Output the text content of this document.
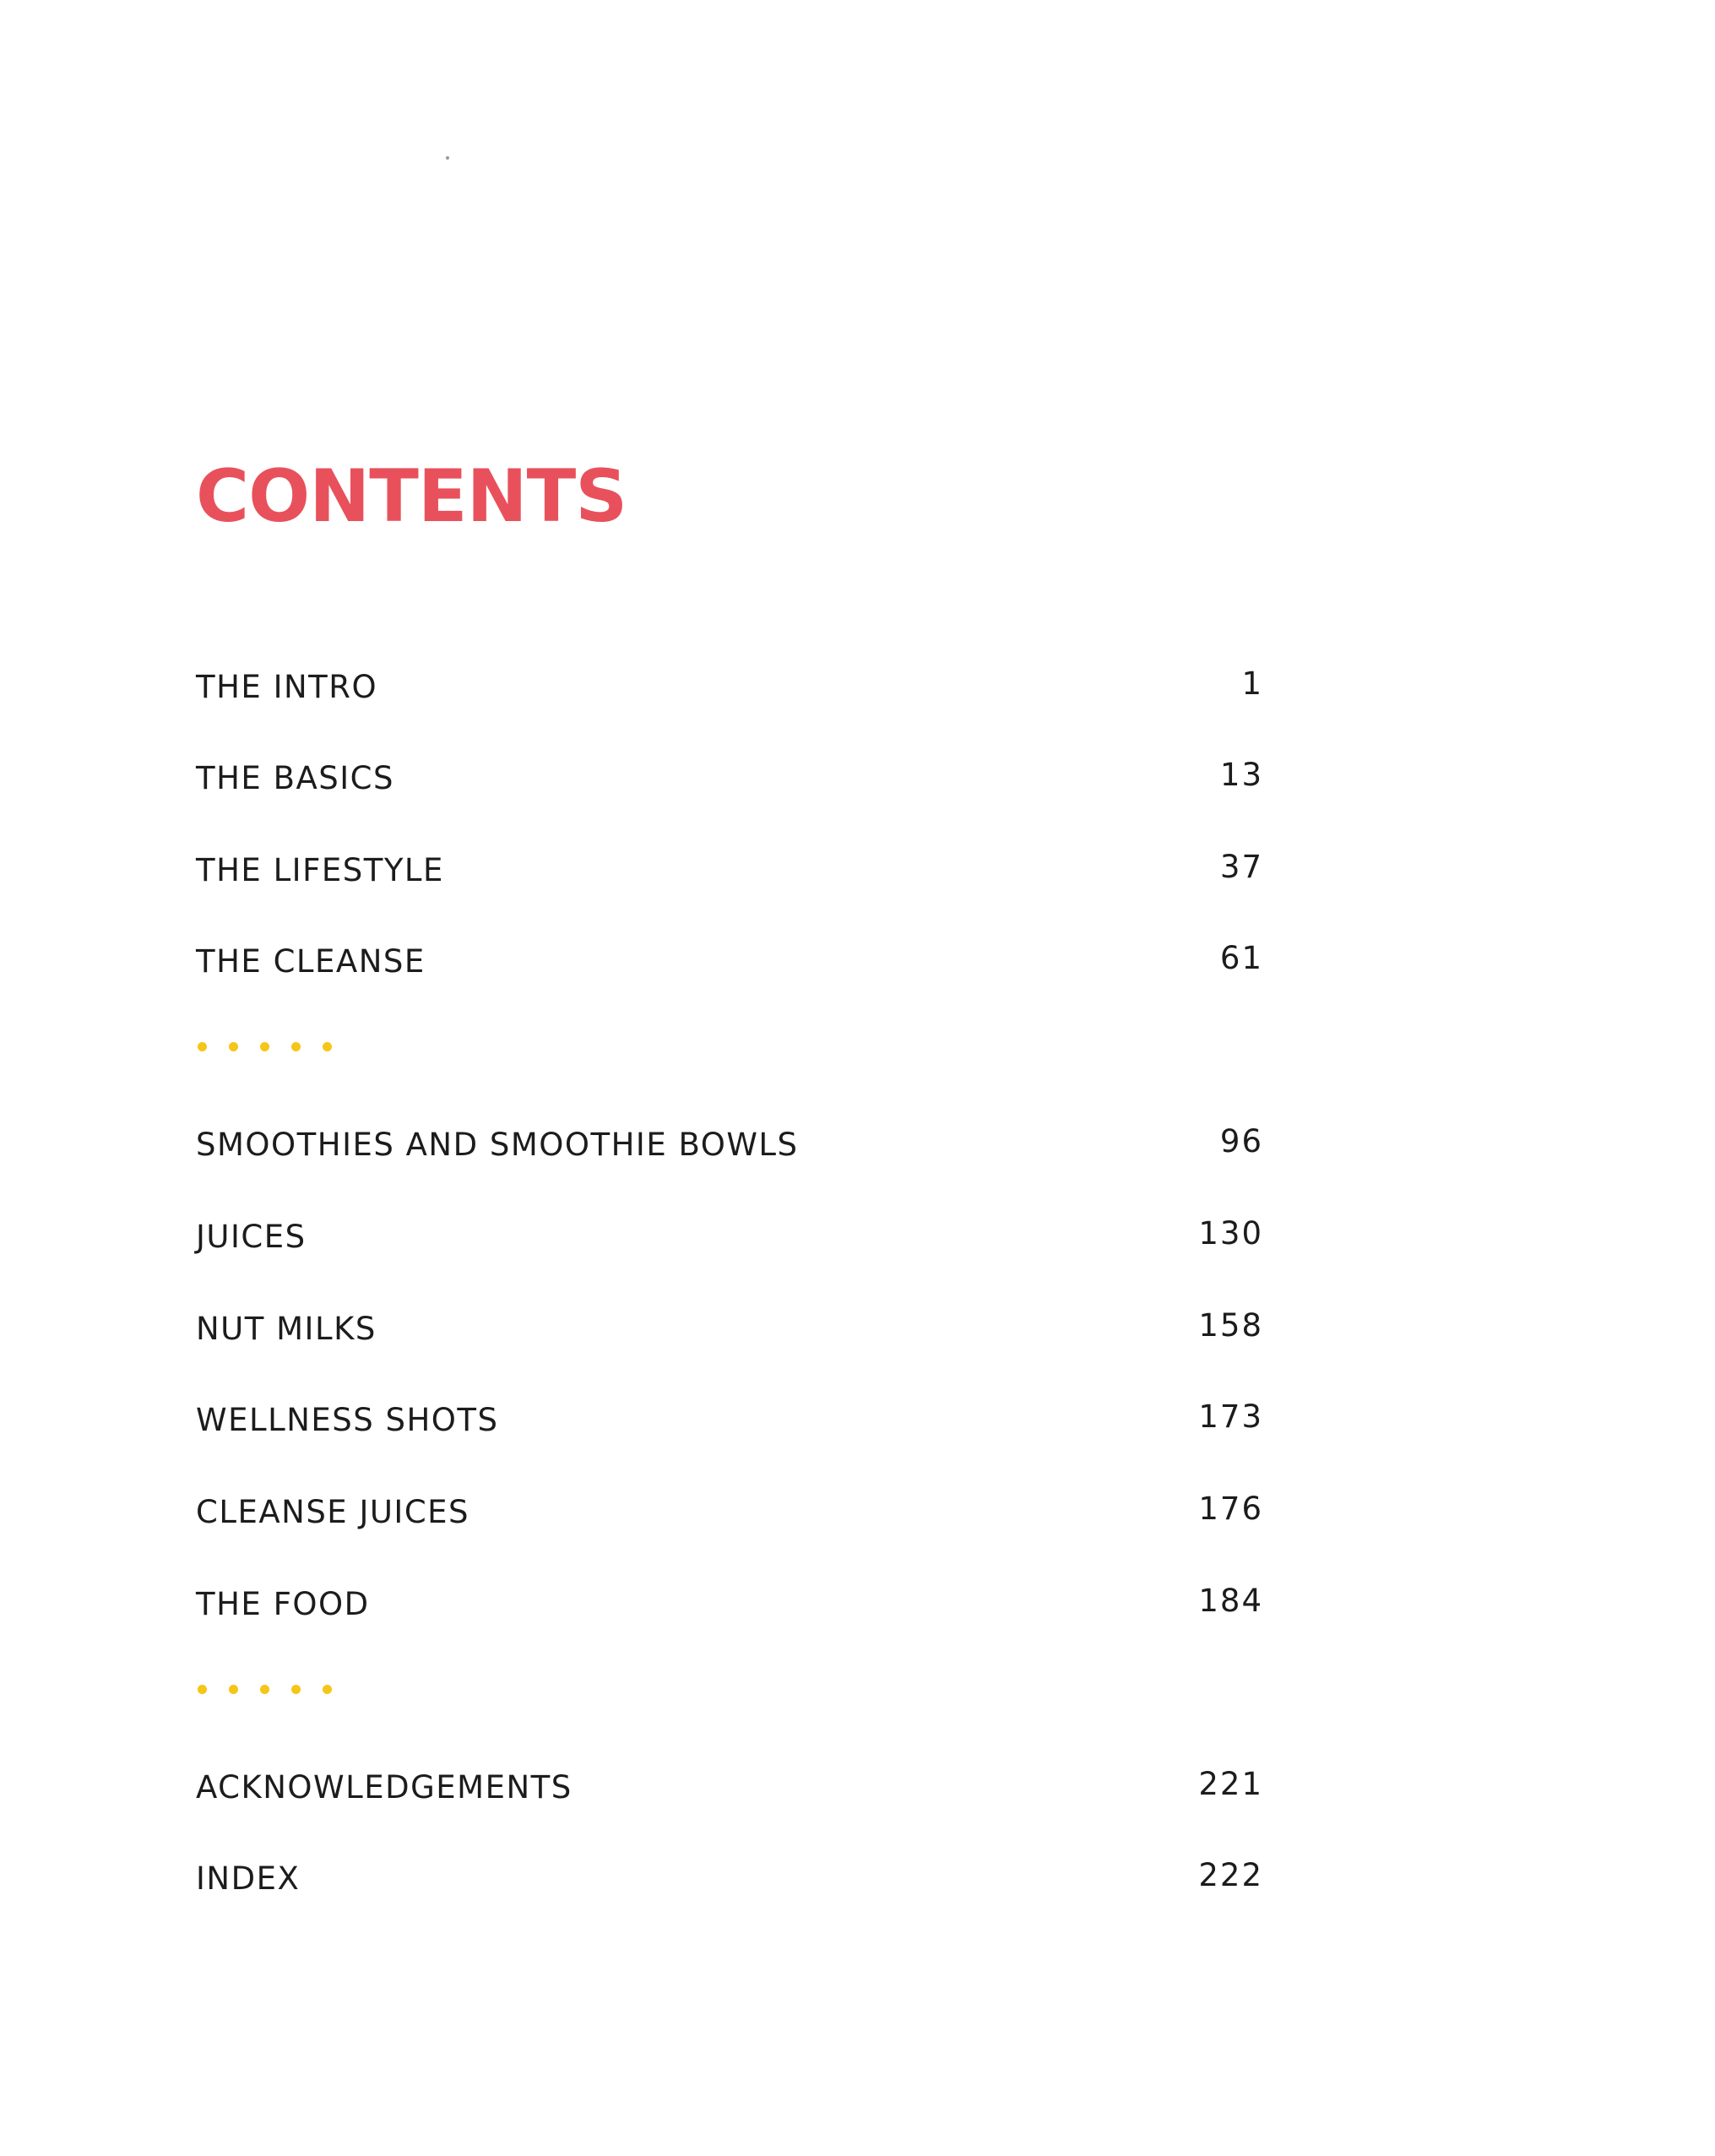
CONTENTS
THE INTRO	1
THE BASICS	13
THE LIFESTYLE	37
THE CLEANSE	61
SMOOTHIES AND SMOOTHIE BOWLS	96
JUICES	130
NUT MILKS	158
WELLNESS SHOTS	173
CLEANSE JUICES	176
THE FOOD	184
ACKNOWLEDGEMENTS	221
INDEX	222
